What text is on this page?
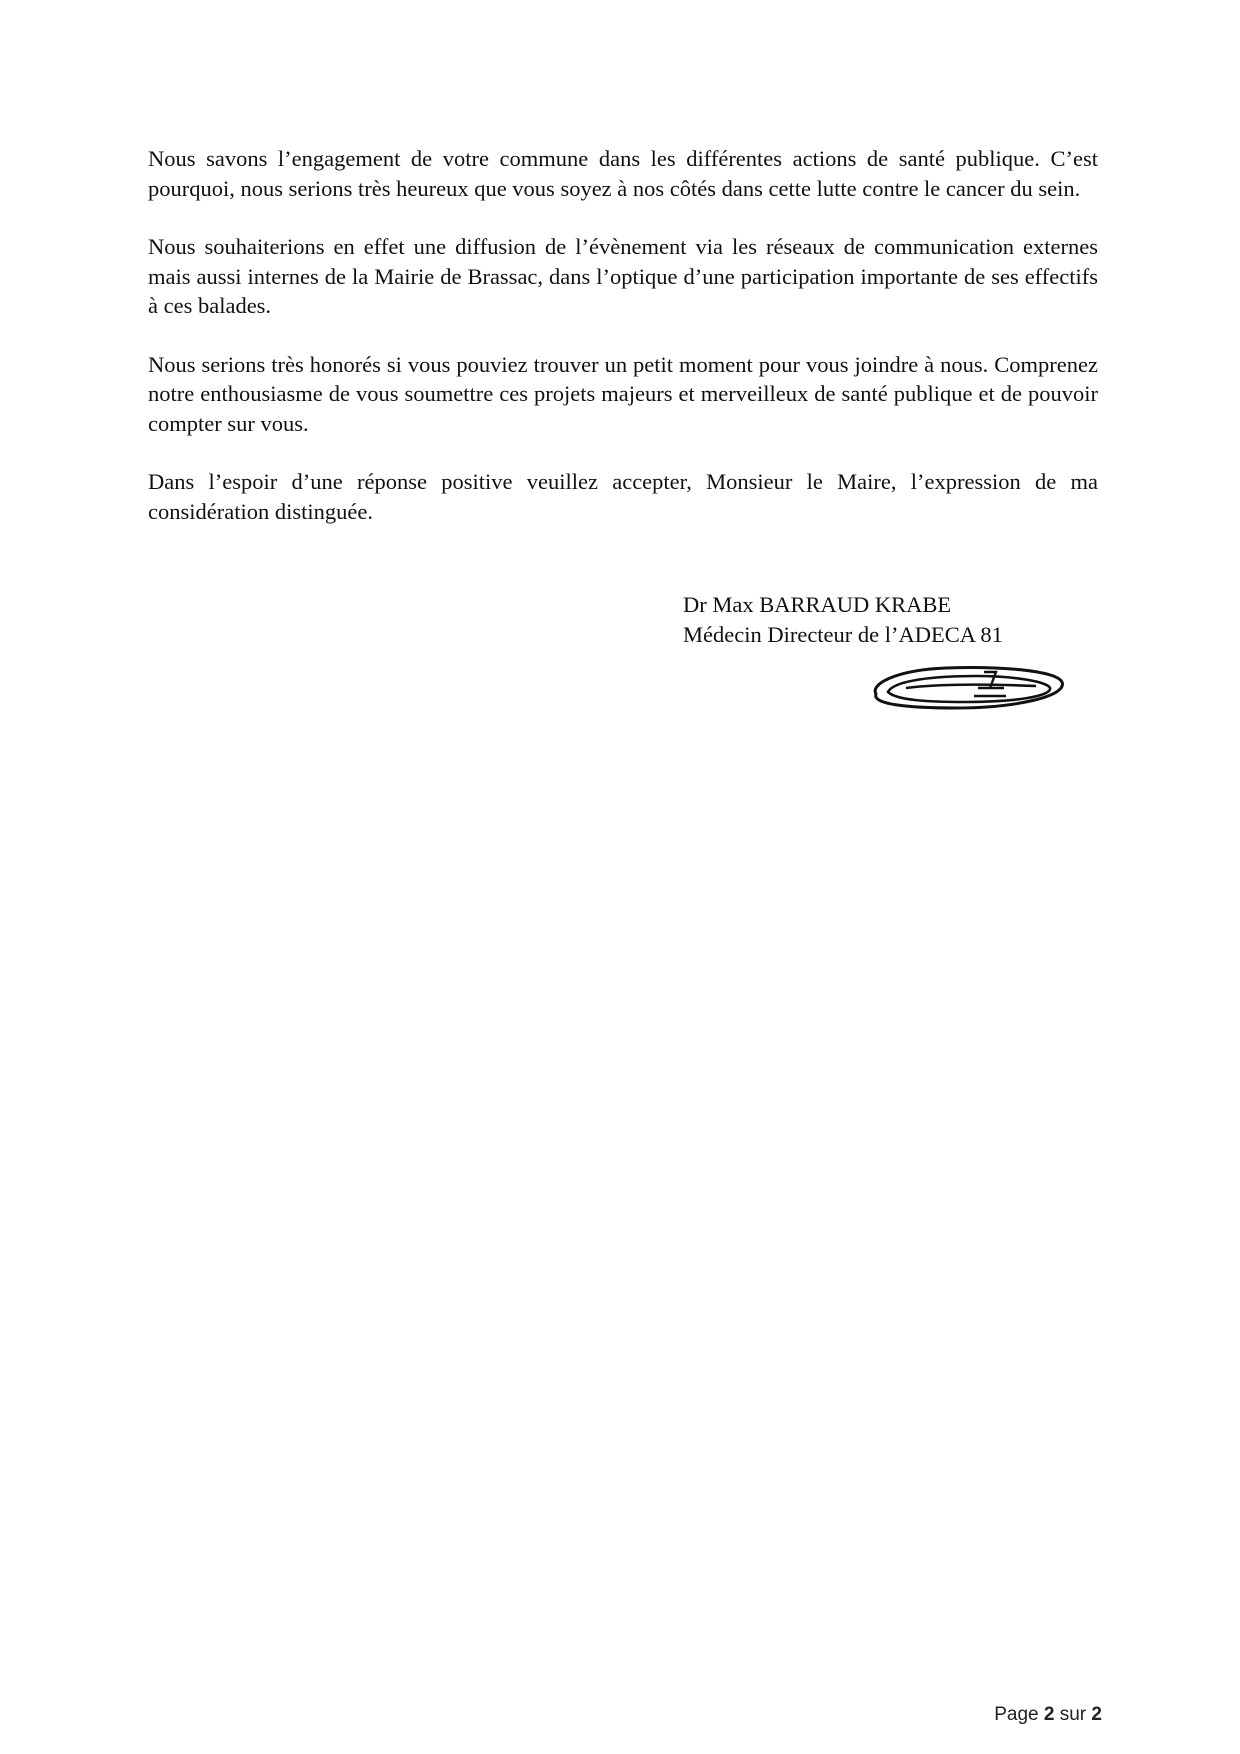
Nous savons l’engagement de votre commune dans les différentes actions de santé publique. C’est pourquoi, nous serions très heureux que vous soyez à nos côtés dans cette lutte contre le cancer du sein.

Nous souhaiterions en effet une diffusion de l’évènement via les réseaux de communication externes mais aussi internes de la Mairie de Brassac, dans l’optique d’une participation importante de ses effectifs à ces balades.

Nous serions très honorés si vous pouviez trouver un petit moment pour vous joindre à nous. Comprenez notre enthousiasme de vous soumettre ces projets majeurs et merveilleux de santé publique et de pouvoir compter sur vous.

Dans l’espoir d’une réponse positive veuillez accepter, Monsieur le Maire, l’expression de ma considération distinguée.

Dr Max BARRAUD KRABE
Médecin Directeur de l’ADECA 81
Page 2 sur 2
